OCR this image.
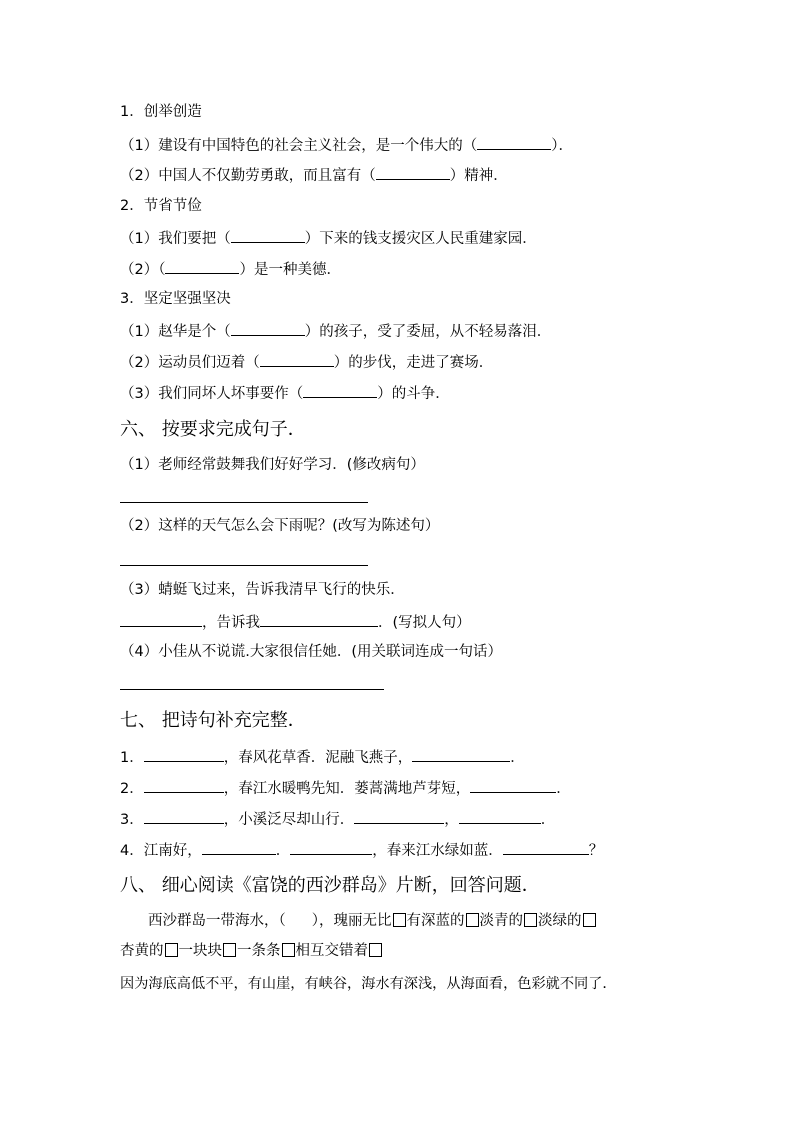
1．创举创造
（1）建设有中国特色的社会主义社会，是一个伟大的（	）．
（2）中国人不仅勤劳勇敢，而且富有（	）精神．
2．节省节俭
（1）我们要把（	）下来的钱支援灾区人民重建家园．
（2）（	）是一种美德．
3．坚定坚强坚决
（1）赵华是个（	）的孩子，受了委屈，从不轻易落泪．
（2）运动员们迈着（	）的步伐，走进了赛场．
（3）我们同坏人坏事要作（	）的斗争．
六、 按要求完成句子．
（1）老师经常鼓舞我们好好学习．(修改病句）
（2）这样的天气怎么会下雨呢？(改写为陈述句）
（3）蜻蜓飞过来，告诉我清早飞行的快乐．
，告诉我	．(写拟人句）
（4）小佳从不说谎.大家很信任她．(用关联词连成一句话）
七、 把诗句补充完整．
1．	，春风花草香．泥融飞燕子，	．
2．	，春江水暖鸭先知．蒌蒿满地芦芽短，	．
3．	，小溪泛尽却山行．	，	．
4．江南好，	．	，春来江水绿如蓝．	？
八、 细心阅读《富饶的西沙群岛》片断，回答问题．
西沙群岛一带海水，（ ），瑰丽无比 有深蓝的 淡青的 淡绿的
杏黄的 一块块 一条条 相互交错着
因为海底高低不平，有山崖，有峡谷，海水有深浅，从海面看，色彩就不同了．
